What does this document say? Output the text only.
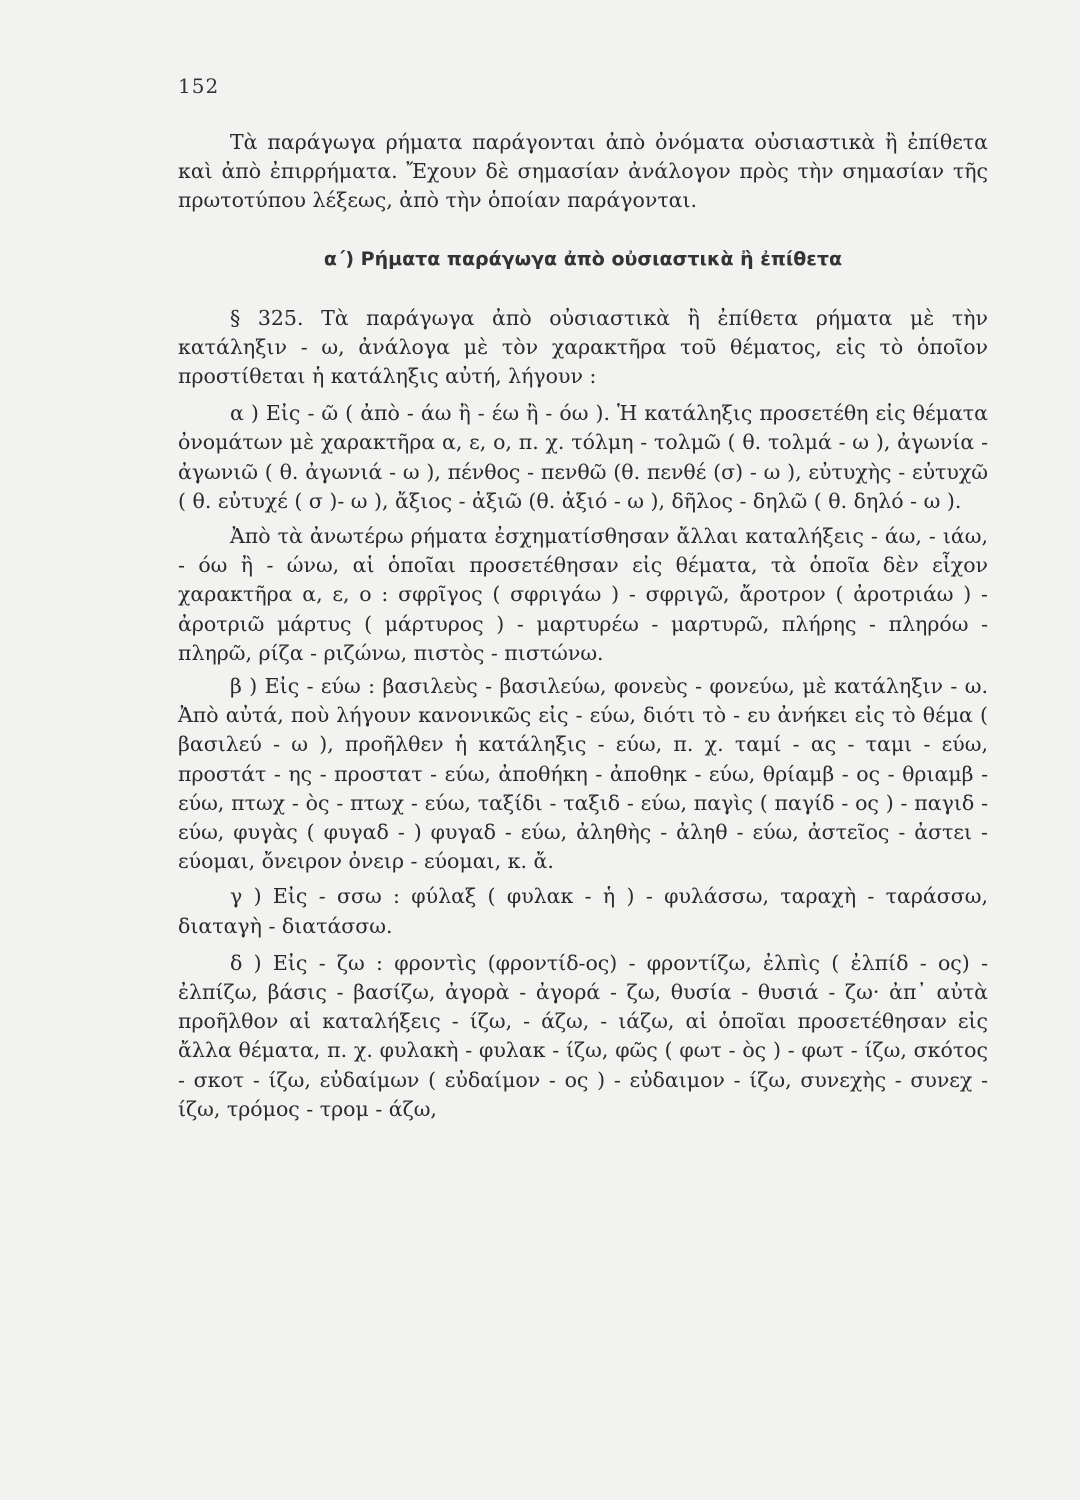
152

Τὰ παράγωγα ρήματα παράγονται ἀπὸ ὀνόματα οὐσιαστικὰ ἢ ἐπίθετα καὶ ἀπὸ ἐπιρρήματα. Ἔχουν δὲ σημασίαν ἀνάλογον πρὸς τὴν σημασίαν τῆς πρωτοτύπου λέξεως, ἀπὸ τὴν ὁποίαν παράγονται.

α΄) Ρήματα παράγωγα ἀπὸ οὐσιαστικὰ ἢ ἐπίθετα

§ 325. Τὰ παράγωγα ἀπὸ οὐσιαστικὰ ἢ ἐπίθετα ρήματα μὲ τὴν κατάληξιν - ω, ἀνάλογα μὲ τὸν χαρακτῆρα τοῦ θέματος, εἰς τὸ ὁποῖον προστίθεται ἡ κατάληξις αὐτή, λήγουν :

α ) Εἰς - ῶ ( ἀπὸ - άω ἢ - έω ἢ - όω ). Ἡ κατάληξις προσετέθη εἰς θέματα ὀνομάτων μὲ χαρακτῆρα α, ε, ο, π. χ. τόλμη - τολμῶ ( θ. τολμά - ω ), ἀγωνία - ἀγωνιῶ ( θ. ἀγωνιά - ω ), πένθος - πενθῶ (θ. πενθέ (σ) - ω ), εὐτυχὴς - εὐτυχῶ ( θ. εὐτυχέ ( σ )- ω ), ἄξιος - ἀξιῶ (θ. ἀξιό - ω ), δῆλος - δηλῶ ( θ. δηλό - ω ).

Ἀπὸ τὰ ἀνωτέρω ρήματα ἐσχηματίσθησαν ἄλλαι καταλήξεις - άω, - ιάω, - όω ἢ - ώνω, αἱ ὁποῖαι προσετέθησαν εἰς θέματα, τὰ ὁποῖα δὲν εἶχον χαρακτῆρα α, ε, ο : σφρῖγος ( σφριγάω ) - σφριγῶ, ἄροτρον ( ἀροτριάω ) - ἀροτριῶ μάρτυς ( μάρτυρος ) - μαρτυρέω - μαρτυρῶ, πλήρης - πληρόω - πληρῶ, ρίζα - ριζώνω, πιστὸς - πιστώνω.

β ) Εἰς - εύω : βασιλεὺς - βασιλεύω, φονεὺς - φονεύω, μὲ κατάληξιν - ω. Ἀπὸ αὐτά, ποὺ λήγουν κανονικῶς εἰς - εύω, διότι τὸ - ευ ἀνήκει εἰς τὸ θέμα ( βασιλεύ - ω ), προῆλθεν ἡ κατάληξις - εύω, π. χ. ταμί - ας - ταμι - εύω, προστάτ - ης - προστατ - εύω, ἀποθήκη - ἀποθηκ - εύω, θρίαμβ - ος - θριαμβ - εύω, πτωχ - ὸς - πτωχ - εύω, ταξίδι - ταξιδ - εύω, παγὶς ( παγίδ - ος ) - παγιδ - εύω, φυγὰς ( φυγαδ - ) φυγαδ - εύω, ἀληθὴς - ἀληθ - εύω, ἀστεῖος - ἀστει - εύομαι, ὄνειρον ὀνειρ - εύομαι, κ. ἄ.

γ ) Εἰς - σσω : φύλαξ ( φυλακ - ἡ ) - φυλάσσω, ταραχὴ - ταράσσω, διαταγὴ - διατάσσω.

δ ) Εἰς - ζω : φροντὶς (φροντίδ-ος) - φροντίζω, ἐλπὶς ( ἐλπίδ - ος) - ἐλπίζω, βάσις - βασίζω, ἀγορὰ - ἀγορά - ζω, θυσία - θυσιά - ζω· ἀπ᾽ αὐτὰ προῆλθον αἱ καταλήξεις - ίζω, - άζω, - ιάζω, αἱ ὁποῖαι προσετέθησαν εἰς ἄλλα θέματα, π. χ. φυλακὴ - φυλακ - ίζω, φῶς ( φωτ - ὸς ) - φωτ - ίζω, σκότος - σκοτ - ίζω, εὐδαίμων ( εὐδαίμον - ος ) - εὐδαιμον - ίζω, συνεχὴς - συνεχ - ίζω, τρόμος - τρομ - άζω,
